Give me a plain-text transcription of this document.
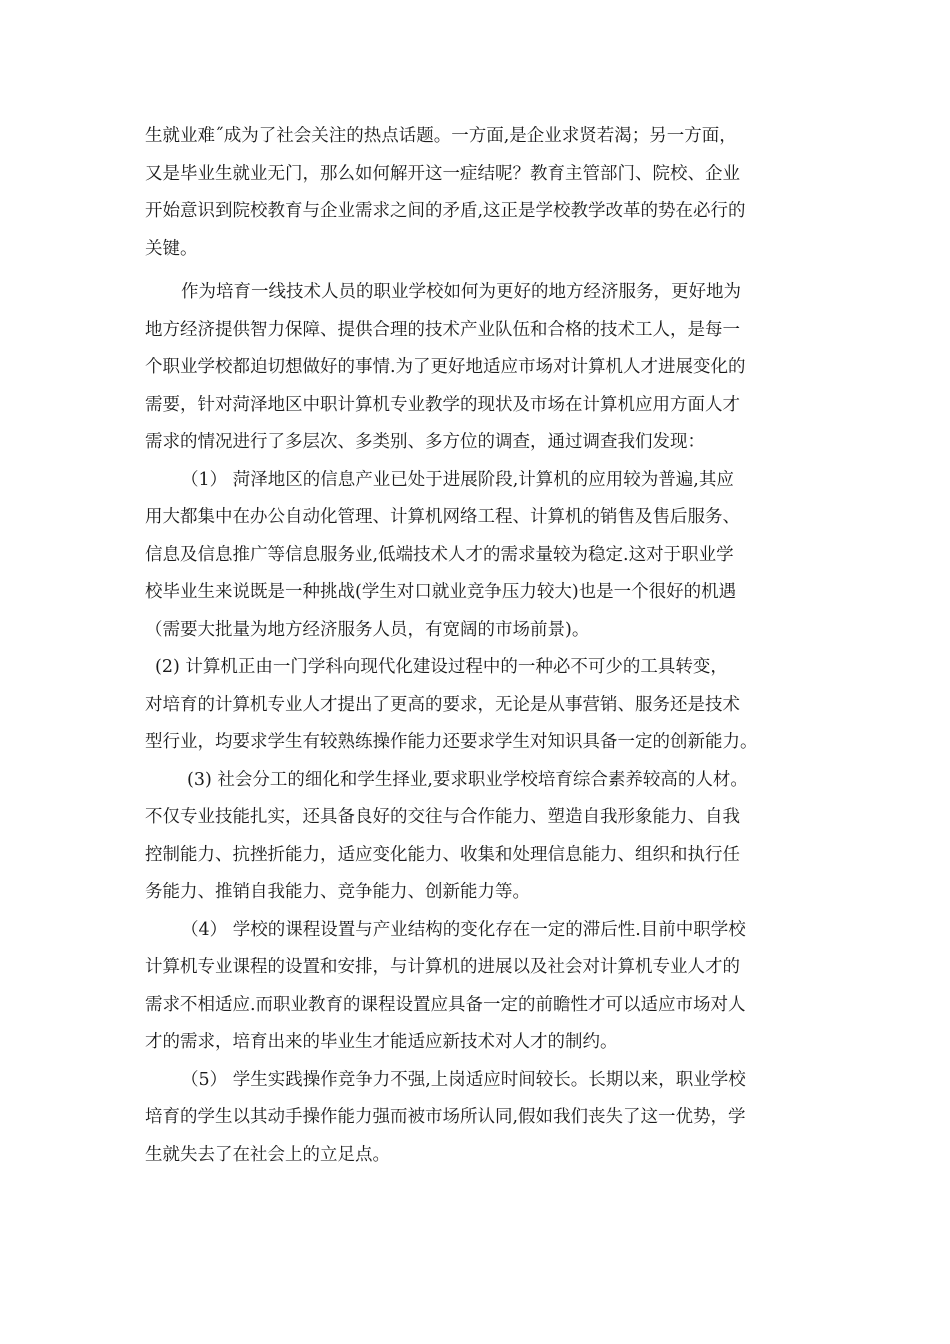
生就业难˝成为了社会关注的热点话题。一方面,是企业求贤若渴；另一方面，
又是毕业生就业无门，那么如何解开这一症结呢？教育主管部门、院校、企业
开始意识到院校教育与企业需求之间的矛盾,这正是学校教学改革的势在必行的
关键。
作为培育一线技术人员的职业学校如何为更好的地方经济服务，更好地为
地方经济提供智力保障、提供合理的技术产业队伍和合格的技术工人，是每一
个职业学校都迫切想做好的事情.为了更好地适应市场对计算机人才进展变化的
需要，针对菏泽地区中职计算机专业教学的现状及市场在计算机应用方面人才
需求的情况进行了多层次、多类别、多方位的调查，通过调查我们发现：
（1） 菏泽地区的信息产业已处于进展阶段,计算机的应用较为普遍,其应
用大都集中在办公自动化管理、计算机网络工程、计算机的销售及售后服务、
信息及信息推广等信息服务业,低端技术人才的需求量较为稳定.这对于职业学
校毕业生来说既是一种挑战(学生对口就业竞争压力较大)也是一个很好的机遇
（需要大批量为地方经济服务人员，有宽阔的市场前景)。
(2) 计算机正由一门学科向现代化建设过程中的一种必不可少的工具转变，
对培育的计算机专业人才提出了更高的要求，无论是从事营销、服务还是技术
型行业，均要求学生有较熟练操作能力还要求学生对知识具备一定的创新能力。
(3) 社会分工的细化和学生择业,要求职业学校培育综合素养较高的人材。
不仅专业技能扎实，还具备良好的交往与合作能力、塑造自我形象能力、自我
控制能力、抗挫折能力，适应变化能力、收集和处理信息能力、组织和执行任
务能力、推销自我能力、竞争能力、创新能力等。
（4） 学校的课程设置与产业结构的变化存在一定的滞后性.目前中职学校
计算机专业课程的设置和安排，与计算机的进展以及社会对计算机专业人才的
需求不相适应.而职业教育的课程设置应具备一定的前瞻性才可以适应市场对人
才的需求，培育出来的毕业生才能适应新技术对人才的制约。
（5） 学生实践操作竞争力不强,上岗适应时间较长。长期以来，职业学校
培育的学生以其动手操作能力强而被市场所认同,假如我们丧失了这一优势，学
生就失去了在社会上的立足点。
